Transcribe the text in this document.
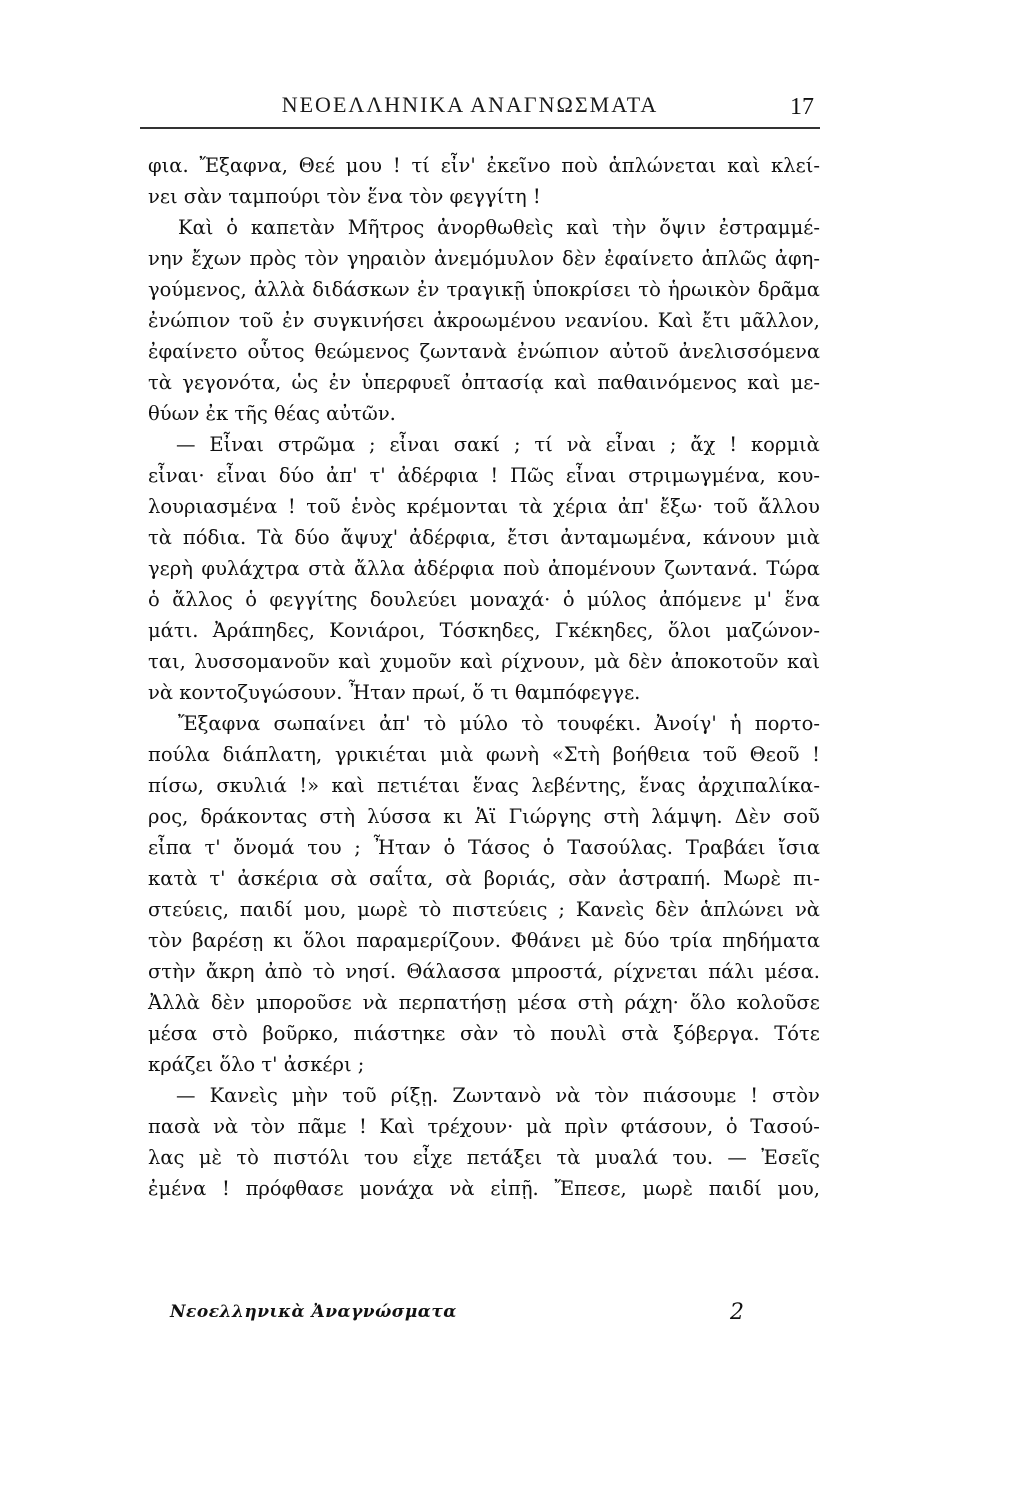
ΝΕΟΕΛΛΗΝΙΚΑ ΑΝΑΓΝΩΣΜΑΤΑ	17
φια. Ἔξαφνα, Θεέ μου ! τί εἶν' ἐκεῖνο ποὺ ἁπλώνεται καὶ κλεί-
νει σὰν ταμπούρι τὸν ἕνα τὸν φεγγίτη !
Καὶ ὁ καπετὰν Μῆτρος ἀνορθωθεὶς καὶ τὴν ὄψιν ἐστραμμέ-
νην ἔχων πρὸς τὸν γηραιὸν ἀνεμόμυλον δὲν ἐφαίνετο ἁπλῶς ἀφη-
γούμενος, ἀλλὰ διδάσκων ἐν τραγικῇ ὑποκρίσει τὸ ἡρωικὸν δρᾶμα
ἐνώπιον τοῦ ἐν συγκινήσει ἀκροωμένου νεανίου. Καὶ ἔτι μᾶλλον,
ἐφαίνετο οὗτος θεώμενος ζωντανὰ ἐνώπιον αὐτοῦ ἀνελισσόμενα
τὰ γεγονότα, ὡς ἐν ὑπερφυεῖ ὀπτασίᾳ καὶ παθαινόμενος καὶ με-
θύων ἐκ τῆς θέας αὐτῶν.
— Εἶναι στρῶμα ; εἶναι σακί ; τί νὰ εἶναι ; ἄχ ! κορμιὰ
εἶναι· εἶναι δύο ἀπ' τ' ἀδέρφια ! Πῶς εἶναι στριμωγμένα, κου-
λουριασμένα ! τοῦ ἑνὸς κρέμονται τὰ χέρια ἀπ' ἔξω· τοῦ ἄλλου
τὰ πόδια. Τὰ δύο ἄψυχ' ἀδέρφια, ἔτσι ἀνταμωμένα, κάνουν μιὰ
γερὴ φυλάχτρα στὰ ἄλλα ἀδέρφια ποὺ ἀπομένουν ζωντανά. Τώρα
ὁ ἄλλος ὁ φεγγίτης δουλεύει μοναχά· ὁ μύλος ἀπόμενε μ' ἕνα
μάτι. Ἀράπηδες, Κονιάροι, Τόσκηδες, Γκέκηδες, ὅλοι μαζώνον-
ται, λυσσομανοῦν καὶ χυμοῦν καὶ ρίχνουν, μὰ δὲν ἀποκοτοῦν καὶ
νὰ κοντοζυγώσουν. Ἦταν πρωί, ὅ τι θαμπόφεγγε.
Ἔξαφνα σωπαίνει ἀπ' τὸ μύλο τὸ τουφέκι. Ἀνοίγ' ἡ πορτο-
πούλα διάπλατη, γρικιέται μιὰ φωνὴ «Στὴ βοήθεια τοῦ Θεοῦ !
πίσω, σκυλιά !» καὶ πετιέται ἕνας λεβέντης, ἕνας ἀρχιπαλίκα-
ρος, δράκοντας στὴ λύσσα κι Ἁϊ Γιώργης στὴ λάμψη. Δὲν σοῦ
εἶπα τ' ὄνομά του ; Ἦταν ὁ Τάσος ὁ Τασούλας. Τραβάει ἴσια
κατὰ τ' ἀσκέρια σὰ σαΐτα, σὰ βοριάς, σὰν ἀστραπή. Μωρὲ πι-
στεύεις, παιδί μου, μωρὲ τὸ πιστεύεις ; Κανεὶς δὲν ἁπλώνει νὰ
τὸν βαρέσῃ κι ὅλοι παραμερίζουν. Φθάνει μὲ δύο τρία πηδήματα
στὴν ἄκρη ἀπὸ τὸ νησί. Θάλασσα μπροστά, ρίχνεται πάλι μέσα.
Ἀλλὰ δὲν μποροῦσε νὰ περπατήσῃ μέσα στὴ ράχη· ὅλο κολοῦσε
μέσα στὸ βοῦρκο, πιάστηκε σὰν τὸ πουλὶ στὰ ξόβεργα. Τότε
κράζει ὅλο τ' ἀσκέρι ;
— Κανεὶς μὴν τοῦ ρίξῃ. Ζωντανὸ νὰ τὸν πιάσουμε ! στὸν
πασὰ νὰ τὸν πᾶμε ! Καὶ τρέχουν· μὰ πρὶν φτάσουν, ὁ Τασού-
λας μὲ τὸ πιστόλι του εἶχε πετάξει τὰ μυαλά του. — Ἐσεῖς
ἐμένα ! πρόφθασε μονάχα νὰ εἰπῇ. Ἔπεσε, μωρὲ παιδί μου,
Νεοελληνικὰ Ἀναγνώσματα	2
